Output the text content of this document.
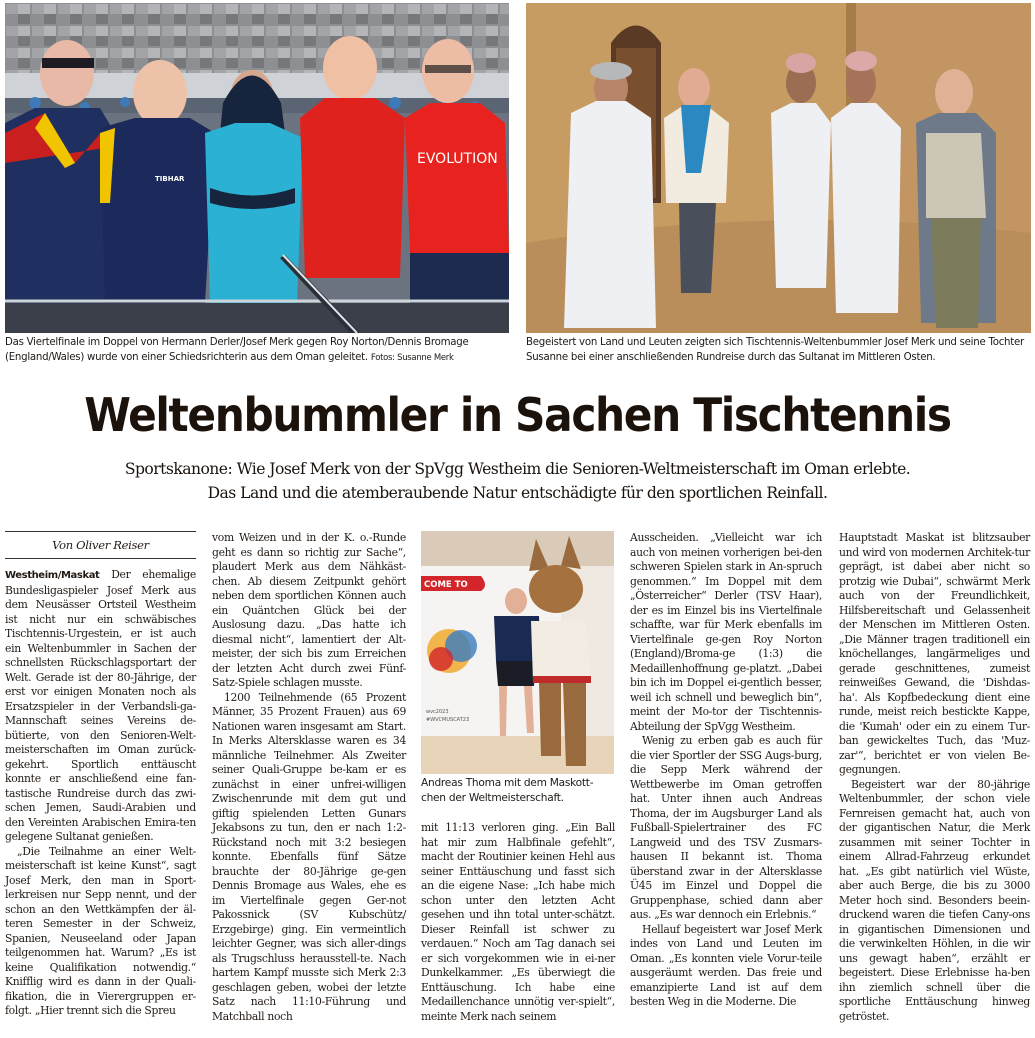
TIBHAR
EVOLUTION
Das Viertelfinale im Doppel von Hermann Derler/Josef Merk gegen Roy Norton/Dennis Bromage (England/Wales) wurde von einer Schiedsrichterin aus dem Oman geleitet. Fotos: Susanne Merk
Begeistert von Land und Leuten zeigten sich Tischtennis-Weltenbummler Josef Merk und seine Tochter Susanne bei einer anschließenden Rundreise durch das Sultanat im Mittleren Osten.
Weltenbummler in Sachen Tischtennis
Sportskanone: Wie Josef Merk von der SpVgg Westheim die Senioren-Weltmeisterschaft im Oman erlebte.
Das Land und die atemberaubende Natur entschädigte für den sportlichen Reinfall.
Von Oliver Reiser

Westheim/Maskat Der ehemalige Bundesligaspieler Josef Merk aus dem Neusässer Ortsteil Westheim ist nicht nur ein schwäbisches Tischtennis-Urgestein, er ist auch ein Weltenbummler in Sachen der schnellsten Rückschlagsportart der Welt. Gerade ist der 80-Jährige, der erst vor einigen Monaten noch als Ersatzspieler in der Verbandsli-ga-Mannschaft seines Vereins de-bütierte, von den Senioren-Welt-meisterschaften im Oman zurück-gekehrt. Sportlich enttäuscht konnte er anschließend eine fan-tastische Rundreise durch das zwi-schen Jemen, Saudi-Arabien und den Vereinten Arabischen Emira-ten gelegene Sultanat genießen.

„Die Teilnahme an einer Welt-meisterschaft ist keine Kunst“, sagt Josef Merk, den man in Sport-lerkreisen nur Sepp nennt, und der schon an den Wettkämpfen der äl-teren Semester in der Schweiz, Spanien, Neuseeland oder Japan teilgenommen hat. Warum? „Es ist keine Qualifikation notwendig.“ Knifflig wird es dann in der Quali-fikation, die in Vierergruppen er-folgt. „Hier trennt sich die Spreu

vom Weizen und in der K. o.-Runde geht es dann so richtig zur Sache“, plaudert Merk aus dem Nähkäst-chen. Ab diesem Zeitpunkt gehört neben dem sportlichen Können auch ein Quäntchen Glück bei der Auslosung dazu. „Das hatte ich diesmal nicht“, lamentiert der Alt-meister, der sich bis zum Erreichen der letzten Acht durch zwei Fünf-Satz-Spiele schlagen musste.

1200 Teilnehmende (65 Prozent Männer, 35 Prozent Frauen) aus 69 Nationen waren insgesamt am Start. In Merks Altersklasse waren es 34 männliche Teilnehmer. Als Zweiter seiner Quali-Gruppe be-kam er es zunächst in einer unfrei-willigen Zwischenrunde mit dem gut und giftig spielenden Letten Gunars Jekabsons zu tun, den er nach 1:2-Rückstand noch mit 3:2 besiegen konnte. Ebenfalls fünf Sätze brauchte der 80-Jährige ge-gen Dennis Bromage aus Wales, ehe es im Viertelfinale gegen Ger-not Pakossnick (SV Kubschütz/ Erzgebirge) ging. Ein vermeintlich leichter Gegner, was sich aller-dings als Trugschluss herausstell-te. Nach hartem Kampf musste sich Merk 2:3 geschlagen geben, wobei der letzte Satz nach 11:10-Führung und Matchball noch

COME TO
wvc2023
#WVCMUSCAT23
Andreas Thoma mit dem Maskott-chen der Weltmeisterschaft.

mit 11:13 verloren ging. „Ein Ball hat mir zum Halbfinale gefehlt“, macht der Routinier keinen Hehl aus seiner Enttäuschung und fasst sich an die eigene Nase: „Ich habe mich schon unter den letzten Acht gesehen und ihn total unter-schätzt. Dieser Reinfall ist schwer zu verdauen.“ Noch am Tag danach sei er sich vorgekommen wie in ei-ner Dunkelkammer. „Es überwiegt die Enttäuschung. Ich habe eine Medaillenchance unnötig ver-spielt“, meinte Merk nach seinem

Ausscheiden. „Vielleicht war ich auch von meinen vorherigen bei-den schweren Spielen stark in An-spruch genommen.“ Im Doppel mit dem „Österreicher“ Derler (TSV Haar), der es im Einzel bis ins Viertelfinale schaffte, war für Merk ebenfalls im Viertelfinale ge-gen Roy Norton (England)/Broma-ge (1:3) die Medaillenhoffnung ge-platzt. „Dabei bin ich im Doppel ei-gentlich besser, weil ich schnell und beweglich bin“, meint der Mo-tor der Tischtennis-Abteilung der SpVgg Westheim.

Wenig zu erben gab es auch für die vier Sportler der SSG Augs-burg, die Sepp Merk während der Wettbewerbe im Oman getroffen hat. Unter ihnen auch Andreas Thoma, der im Augsburger Land als Fußball-Spielertrainer des FC Langweid und des TSV Zusmars-hausen II bekannt ist. Thoma überstand zwar in der Altersklasse Ü45 im Einzel und Doppel die Gruppenphase, schied dann aber aus. „Es war dennoch ein Erlebnis.“

Hellauf begeistert war Josef Merk indes von Land und Leuten im Oman. „Es konnten viele Vorur-teile ausgeräumt werden. Das freie und emanzipierte Land ist auf dem besten Weg in die Moderne. Die

Hauptstadt Maskat ist blitzsauber und wird von modernen Architek-tur geprägt, ist dabei aber nicht so protzig wie Dubai“, schwärmt Merk auch von der Freundlichkeit, Hilfsbereitschaft und Gelassenheit der Menschen im Mittleren Osten. „Die Männer tragen traditionell ein knöchellanges, langärmeliges und gerade geschnittenes, zumeist reinweißes Gewand, die 'Dishdas-ha'. Als Kopfbedeckung dient eine runde, meist reich bestickte Kappe, die 'Kumah' oder ein zu einem Tur-ban gewickeltes Tuch, das 'Muz-zar'“, berichtet er von vielen Be-gegnungen.

Begeistert war der 80-jährige Weltenbummler, der schon viele Fernreisen gemacht hat, auch von der gigantischen Natur, die Merk zusammen mit seiner Tochter in einem Allrad-Fahrzeug erkundet hat. „Es gibt natürlich viel Wüste, aber auch Berge, die bis zu 3000 Meter hoch sind. Besonders beein-druckend waren die tiefen Cany-ons in gigantischen Dimensionen und die verwinkelten Höhlen, in die wir uns gewagt haben“, erzählt er begeistert. Diese Erlebnisse ha-ben ihn ziemlich schnell über die sportliche Enttäuschung hinweg getröstet.
